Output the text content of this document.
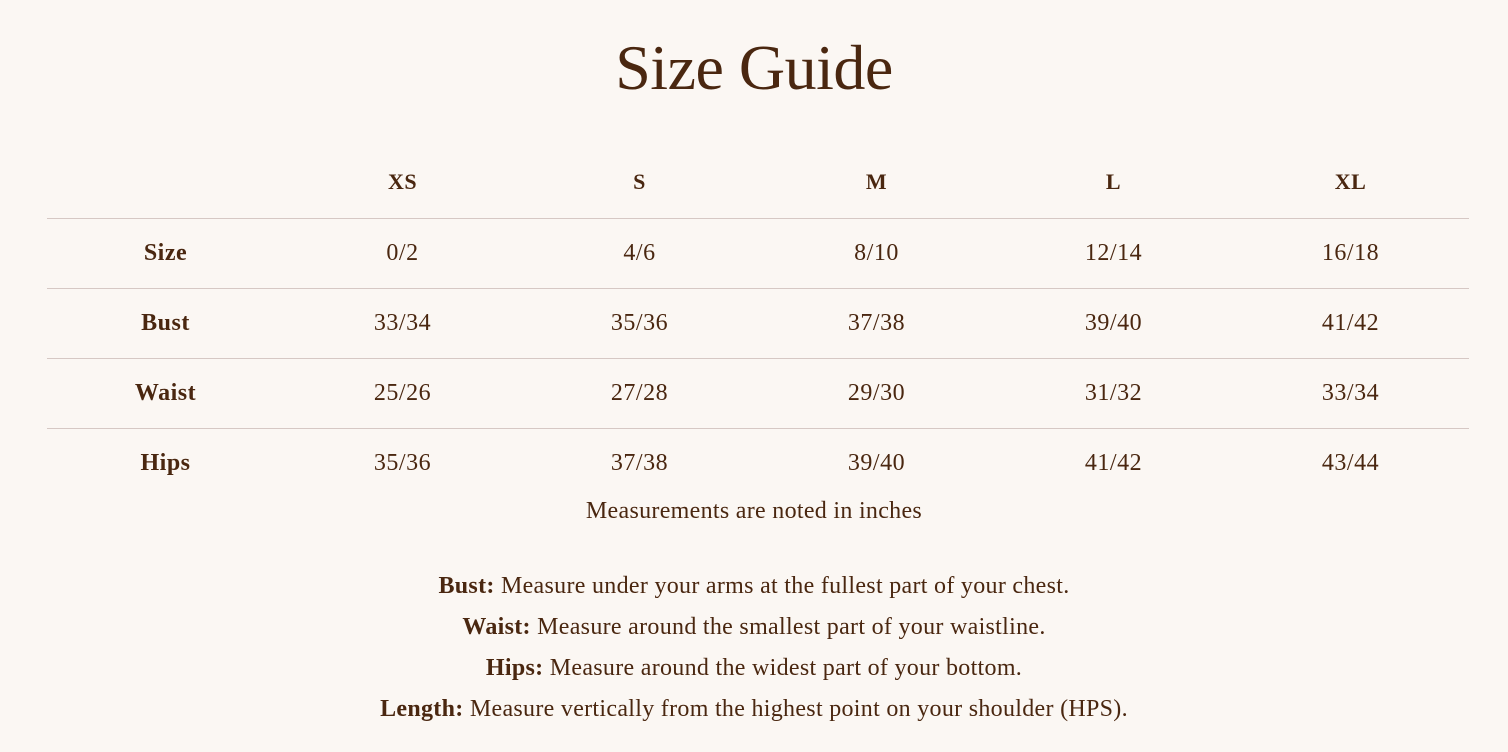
Size Guide
	XS	S	M	L	XL
Size	0/2	4/6	8/10	12/14	16/18
Bust	33/34	35/36	37/38	39/40	41/42
Waist	25/26	27/28	29/30	31/32	33/34
Hips	35/36	37/38	39/40	41/42	43/44
Measurements are noted in inches
Bust: Measure under your arms at the fullest part of your chest.
Waist: Measure around the smallest part of your waistline.
Hips: Measure around the widest part of your bottom.
Length: Measure vertically from the highest point on your shoulder (HPS).
